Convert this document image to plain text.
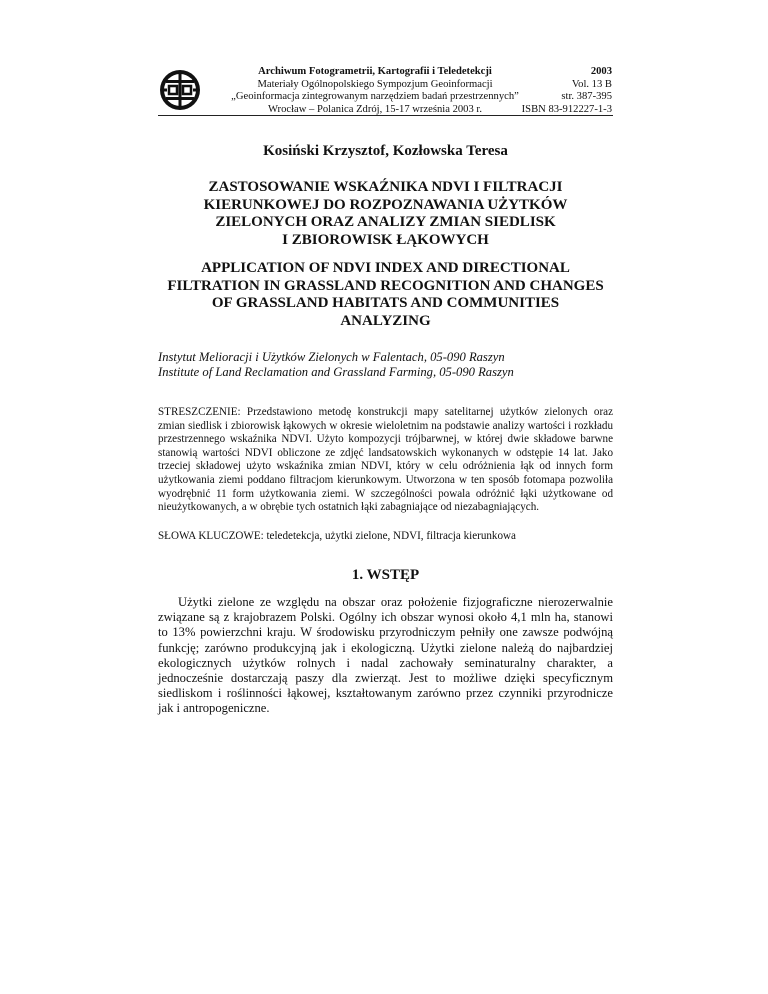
Archiwum Fotogrametrii, Kartografii i Teledetekcji
Materiały Ogólnopolskiego Sympozjum Geoinformacji
„Geoinformacja zintegrowanym narzędziem badań przestrzennych”
Wrocław – Polanica Zdrój, 15-17 września 2003 r.
2003
Vol. 13 B
str. 387-395
ISBN 83-912227-1-3
Kosiński Krzysztof, Kozłowska Teresa
ZASTOSOWANIE WSKAŹNIKA NDVI I FILTRACJI
KIERUNKOWEJ DO ROZPOZNAWANIA UŻYTKÓW
ZIELONYCH ORAZ ANALIZY ZMIAN SIEDLISK
I ZBIOROWISK ŁĄKOWYCH
APPLICATION OF NDVI INDEX AND DIRECTIONAL
FILTRATION IN GRASSLAND RECOGNITION AND CHANGES
OF GRASSLAND HABITATS AND COMMUNITIES
ANALYZING
Instytut Melioracji i Użytków Zielonych w Falentach, 05-090 Raszyn
Institute of Land Reclamation and Grassland Farming, 05-090 Raszyn
STRESZCZENIE: Przedstawiono metodę konstrukcji mapy satelitarnej użytków zielonych oraz zmian siedlisk i zbiorowisk łąkowych w okresie wieloletnim na podstawie analizy wartości i rozkładu przestrzennego wskaźnika NDVI. Użyto kompozycji trójbarwnej, w której dwie składowe barwne stanowią wartości NDVI obliczone ze zdjęć landsatowskich wykonanych w odstępie 14 lat. Jako trzeciej składowej użyto wskaźnika zmian NDVI, który w celu odróżnienia łąk od innych form użytkowania ziemi poddano filtracjom kierunkowym. Utworzona w ten sposób fotomapa pozwoliła wyodrębnić 11 form użytkowania ziemi. W szczególności powala odróżnić łąki użytkowane od nieużytkowanych, a w obrębie tych ostatnich łąki zabagniające od niezabagniających.
SŁOWA KLUCZOWE: teledetekcja, użytki zielone, NDVI, filtracja kierunkowa
1. WSTĘP
Użytki zielone ze względu na obszar oraz położenie fizjograficzne nierozerwalnie związane są z krajobrazem Polski. Ogólny ich obszar wynosi około 4,1 mln ha, stanowi to 13% powierzchni kraju. W środowisku przyrodniczym pełniły one zawsze podwójną funkcję; zarówno produkcyjną jak i ekologiczną. Użytki zielone należą do najbardziej ekologicznych użytków rolnych i nadal zachowały seminaturalny charakter, a jednocześnie dostarczają paszy dla zwierząt. Jest to możliwe dzięki specyficznym siedliskom i roślinności łąkowej, kształtowanym zarówno przez czynniki przyrodnicze jak i antropogeniczne.
